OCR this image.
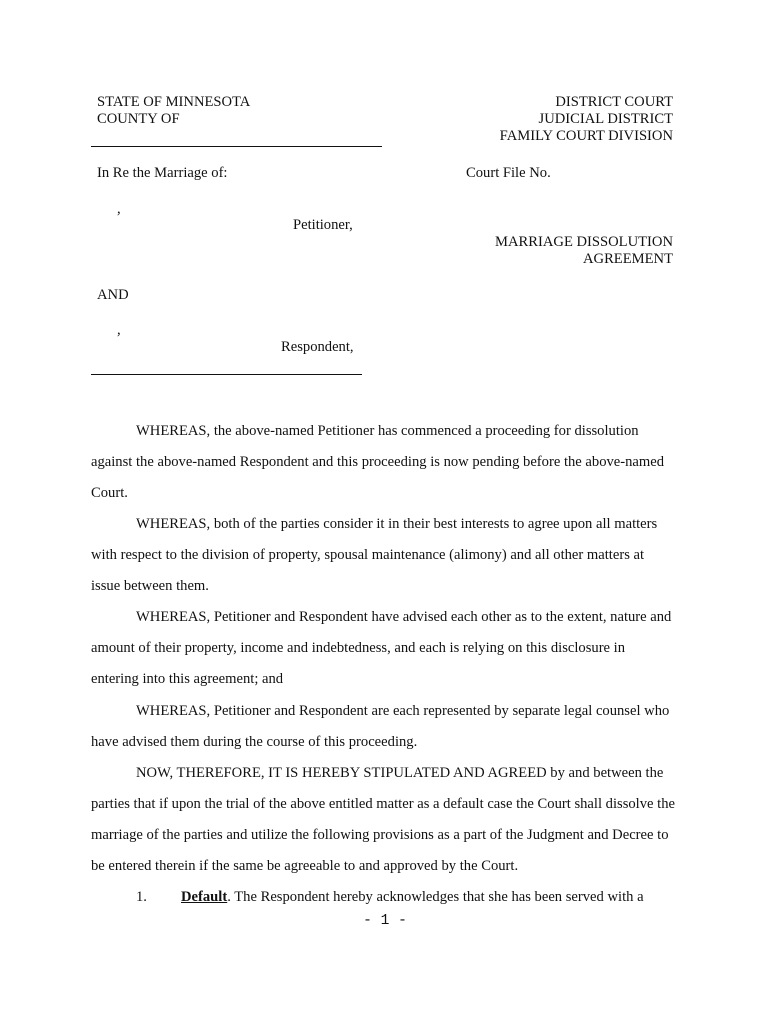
STATE OF MINNESOTA
COUNTY OF
DISTRICT COURT
JUDICIAL DISTRICT
FAMILY COURT DIVISION
In Re the Marriage of:	Court File No.
,
Petitioner,
MARRIAGE DISSOLUTION
AGREEMENT
AND
,
Respondent,
WHEREAS, the above-named Petitioner has commenced a proceeding for dissolution
against the above-named Respondent and this proceeding is now pending before the above-named
Court.
WHEREAS, both of the parties consider it in their best interests to agree upon all matters
with respect to the division of property, spousal maintenance (alimony) and all other matters at
issue between them.
WHEREAS, Petitioner and Respondent have advised each other as to the extent, nature and
amount of their property, income and indebtedness, and each is relying on this disclosure in
entering into this agreement; and
WHEREAS, Petitioner and Respondent are each represented by separate legal counsel who
have advised them during the course of this proceeding.
NOW, THEREFORE, IT IS HEREBY STIPULATED AND AGREED by and between the
parties that if upon the trial of the above entitled matter as a default case the Court shall dissolve the
marriage of the parties and utilize the following provisions as a part of the Judgment and Decree to
be entered therein if the same be agreeable to and approved by the Court.
1. Default. The Respondent hereby acknowledges that she has been served with a
- 1 -
